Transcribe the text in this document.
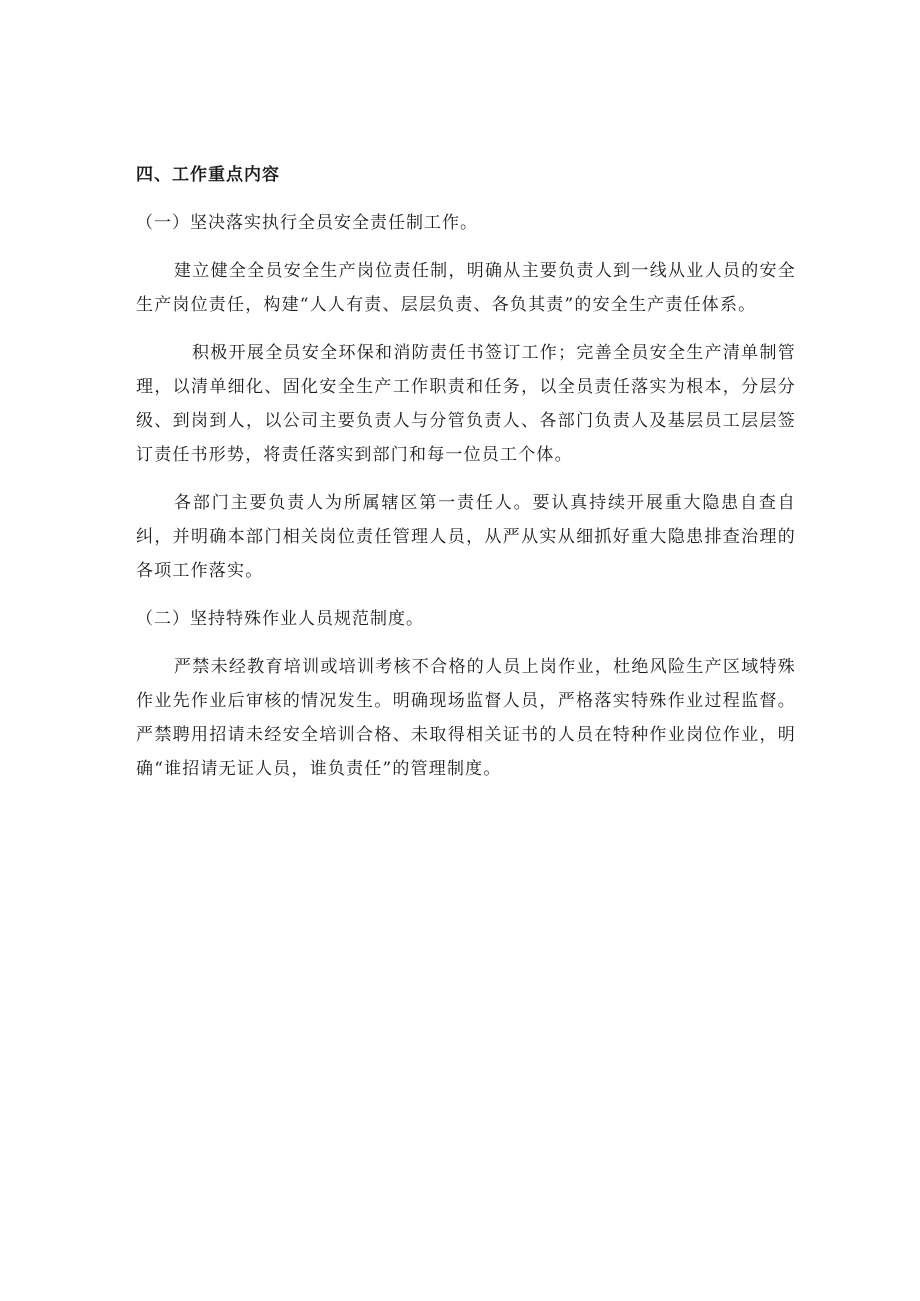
四、工作重点内容

（一）坚决落实执行全员安全责任制工作。

建立健全全员安全生产岗位责任制，明确从主要负责人到一线从业人员的安全生产岗位责任，构建“人人有责、层层负责、各负其责”的安全生产责任体系。

积极开展全员安全环保和消防责任书签订工作；完善全员安全生产清单制管理，以清单细化、固化安全生产工作职责和任务，以全员责任落实为根本，分层分级、到岗到人，以公司主要负责人与分管负责人、各部门负责人及基层员工层层签订责任书形势，将责任落实到部门和每一位员工个体。

各部门主要负责人为所属辖区第一责任人。要认真持续开展重大隐患自查自纠，并明确本部门相关岗位责任管理人员，从严从实从细抓好重大隐患排查治理的各项工作落实。

（二）坚持特殊作业人员规范制度。

严禁未经教育培训或培训考核不合格的人员上岗作业，杜绝风险生产区域特殊作业先作业后审核的情况发生。明确现场监督人员，严格落实特殊作业过程监督。严禁聘用招请未经安全培训合格、未取得相关证书的人员在特种作业岗位作业，明确“谁招请无证人员，谁负责任”的管理制度。
